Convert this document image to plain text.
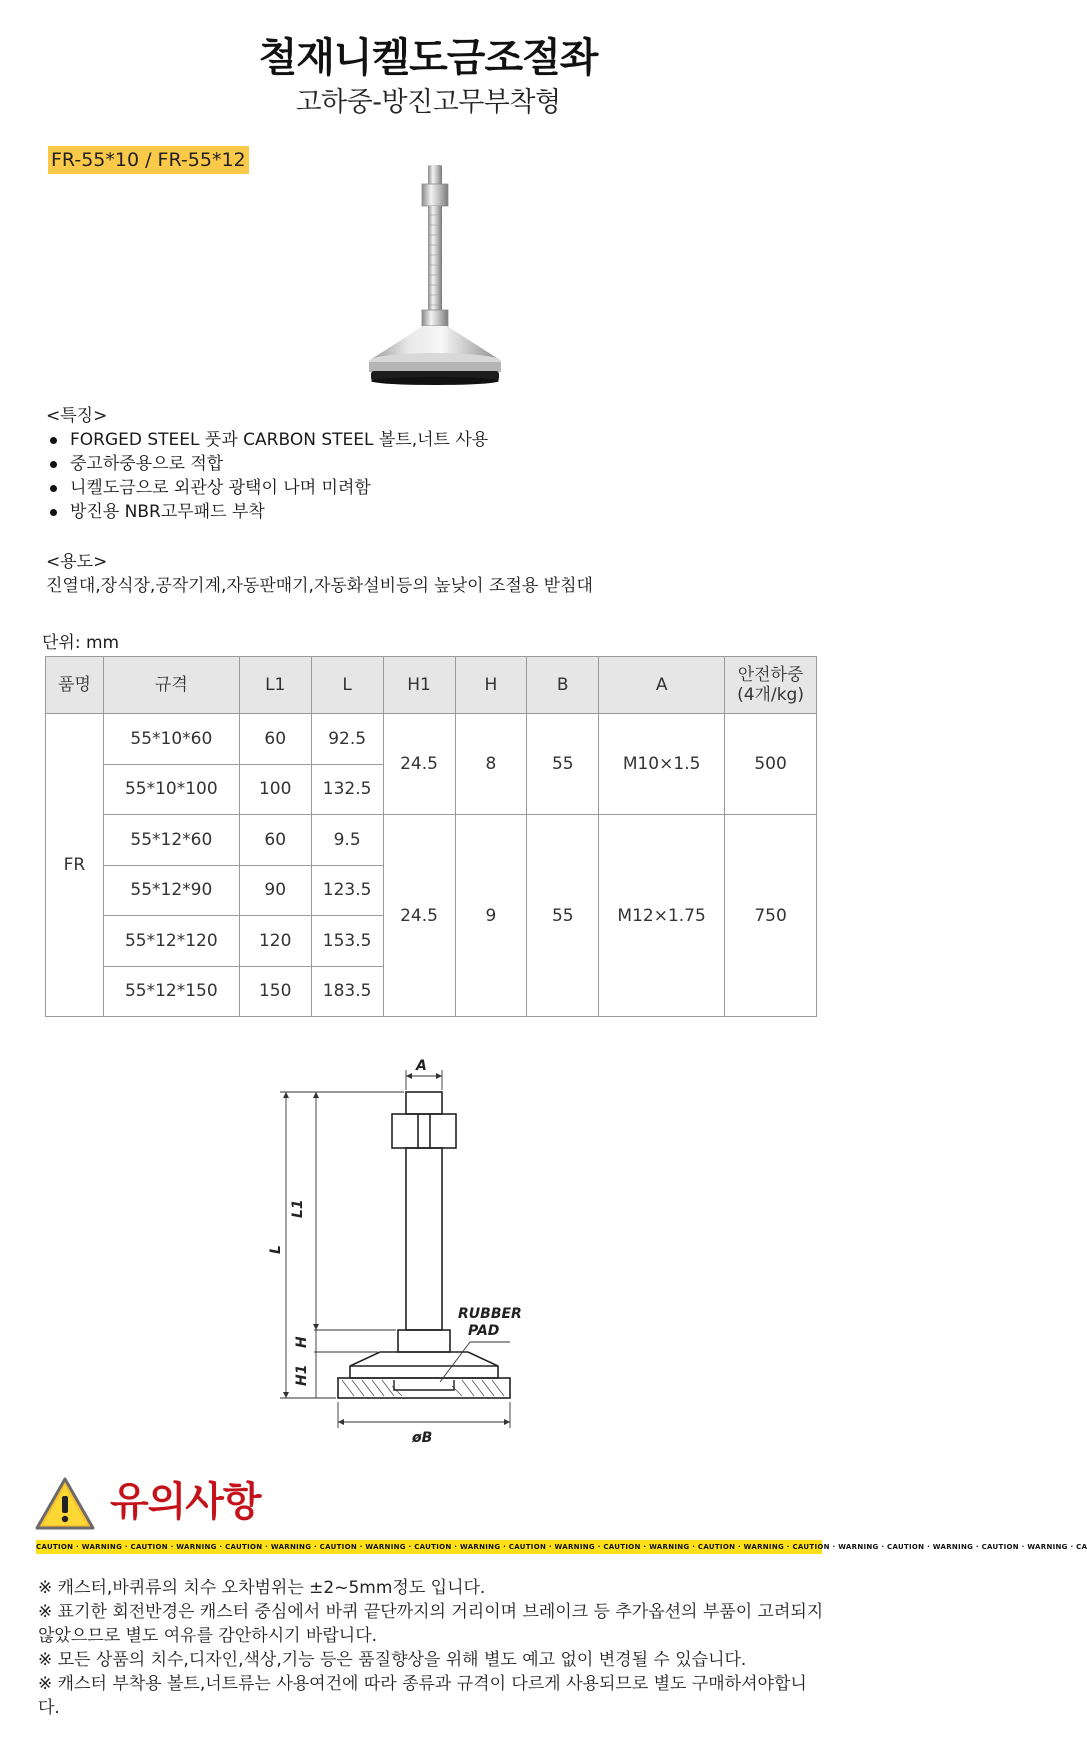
철재니켈도금조절좌
고하중-방진고무부착형
FR-55*10 / FR-55*12
<특징>
FORGED STEEL 풋과 CARBON STEEL 볼트,너트 사용
중고하중용으로 적합
니켈도금으로 외관상 광택이 나며 미려함
방진용 NBR고무패드 부착
<용도>
진열대,장식장,공작기계,자동판매기,자동화설비등의 높낮이 조절용 받침대
단위: mm
품명	규격	L1	L	H1	H	B	A	안전하중
(4개/kg)
FR	55*10*60	60	92.5	24.5	8	55	M10×1.5	500
	55*10*100	100	132.5					
	55*12*60	60	9.5	24.5	9	55	M12×1.75	750
	55*12*90	90	123.5					
	55*12*120	120	153.5					
	55*12*150	150	183.5					
A
L1
L
H
H1
øB
RUBBER
PAD
유의사항
CAUTION · WARNING · CAUTION · WARNING · CAUTION · WARNING · CAUTION · WARNING · CAUTION · WARNING · CAUTION · WARNING · CAUTION · WARNING · CAUTION · WARNING · CAUTION · WARNING · CAUTION · WARNING · CAUTION · WARNING · CA
※ 캐스터,바퀴류의 치수 오차범위는 ±2~5mm정도 입니다.
※ 표기한 회전반경은 캐스터 중심에서 바퀴 끝단까지의 거리이며 브레이크 등 추가옵션의 부품이 고려되지 않았으므로 별도 여유를 감안하시기 바랍니다.
※ 모든 상품의 치수,디자인,색상,기능 등은 품질향상을 위해 별도 예고 없이 변경될 수 있습니다.
※ 캐스터 부착용 볼트,너트류는 사용여건에 따라 종류과 규격이 다르게 사용되므로 별도 구매하셔야합니다.
